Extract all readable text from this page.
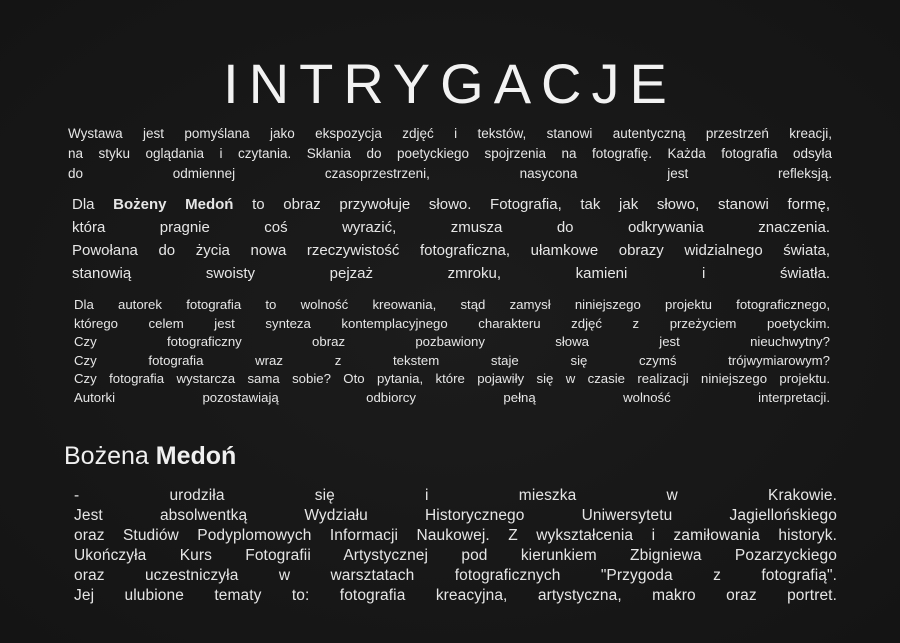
INTRYGACJE

Wystawa jest pomyślana jako ekspozycja zdjęć i tekstów, stanowi autentyczną przestrzeń kreacji,

na styku oglądania i czytania. Skłania do poetyckiego spojrzenia na fotografię. Każda fotografia odsyła

do odmiennej czasoprzestrzeni, nasycona jest refleksją.

Dla Bożeny Medoń to obraz przywołuje słowo. Fotografia, tak jak słowo, stanowi formę,

która pragnie coś wyrazić, zmusza do odkrywania znaczenia.

Powołana do życia nowa rzeczywistość fotograficzna, ułamkowe obrazy widzialnego świata,

stanowią swoisty pejzaż zmroku, kamieni i światła.

Dla autorek fotografia to wolność kreowania, stąd zamysł niniejszego projektu fotograficznego,

którego celem jest synteza kontemplacyjnego charakteru zdjęć z przeżyciem poetyckim.

Czy fotograficzny obraz pozbawiony słowa jest nieuchwytny?

Czy fotografia wraz z tekstem staje się czymś trójwymiarowym?

Czy fotografia wystarcza sama sobie? Oto pytania, które pojawiły się w czasie realizacji niniejszego projektu.

Autorki pozostawiają odbiorcy pełną wolność interpretacji.

Bożena Medoń

- urodziła się i mieszka w Krakowie.

Jest absolwentką Wydziału Historycznego Uniwersytetu Jagiellońskiego

oraz Studiów Podyplomowych Informacji Naukowej. Z wykształcenia i zamiłowania historyk.

Ukończyła Kurs Fotografii Artystycznej pod kierunkiem Zbigniewa Pozarzyckiego

oraz uczestniczyła w warsztatach fotograficznych "Przygoda z fotografią".

Jej ulubione tematy to: fotografia kreacyjna, artystyczna, makro oraz portret.
